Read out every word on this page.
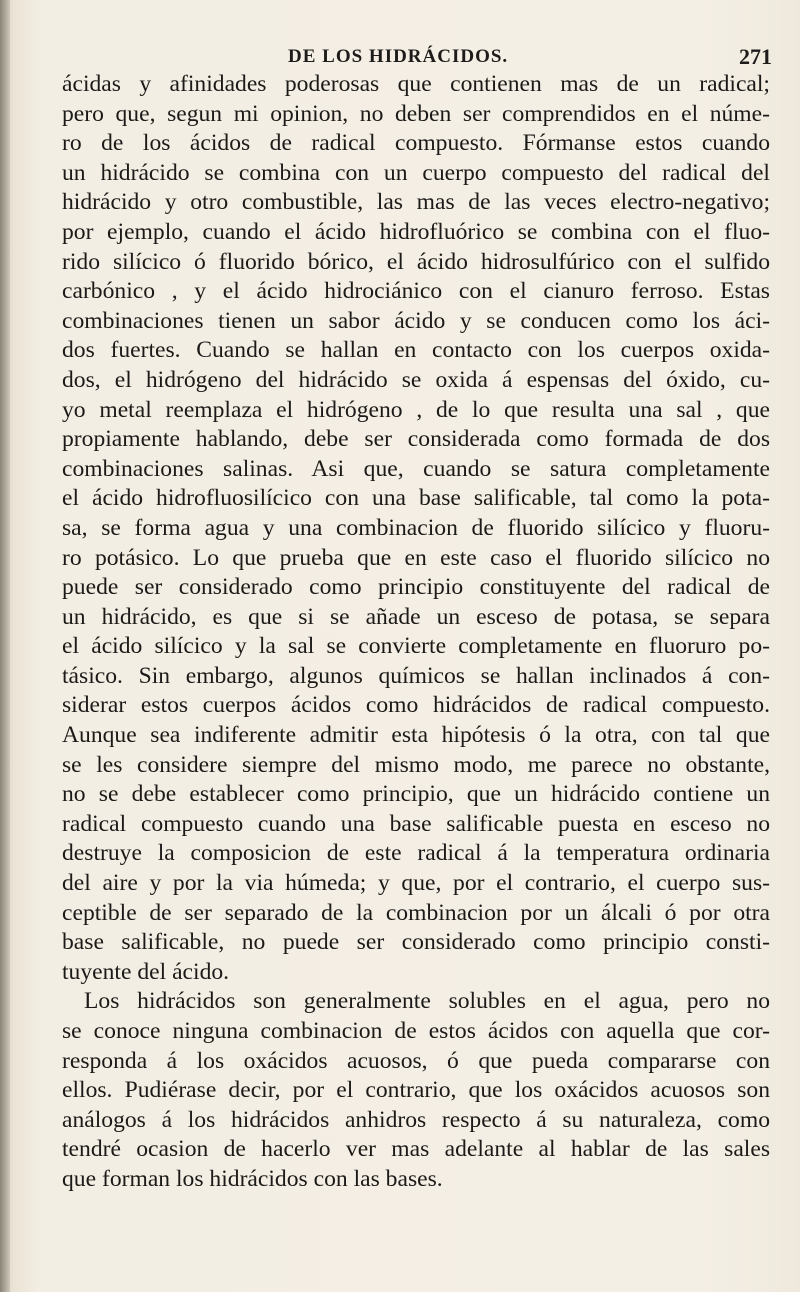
DE LOS HIDRÁCIDOS.	271
ácidas y afinidades poderosas que contienen mas de un radical;
pero que, segun mi opinion, no deben ser comprendidos en el núme-
ro de los ácidos de radical compuesto. Fórmanse estos cuando
un hidrácido se combina con un cuerpo compuesto del radical del
hidrácido y otro combustible, las mas de las veces electro-negativo;
por ejemplo, cuando el ácido hidrofluórico se combina con el fluo-
rido silícico ó fluorido bórico, el ácido hidrosulfúrico con el sulfido
carbónico , y el ácido hidrociánico con el cianuro ferroso. Estas
combinaciones tienen un sabor ácido y se conducen como los áci-
dos fuertes. Cuando se hallan en contacto con los cuerpos oxida-
dos, el hidrógeno del hidrácido se oxida á espensas del óxido, cu-
yo metal reemplaza el hidrógeno , de lo que resulta una sal , que
propiamente hablando, debe ser considerada como formada de dos
combinaciones salinas. Asi que, cuando se satura completamente
el ácido hidrofluosilícico con una base salificable, tal como la pota-
sa, se forma agua y una combinacion de fluorido silícico y fluoru-
ro potásico. Lo que prueba que en este caso el fluorido silícico no
puede ser considerado como principio constituyente del radical de
un hidrácido, es que si se añade un esceso de potasa, se separa
el ácido silícico y la sal se convierte completamente en fluoruro po-
tásico. Sin embargo, algunos químicos se hallan inclinados á con-
siderar estos cuerpos ácidos como hidrácidos de radical compuesto.
Aunque sea indiferente admitir esta hipótesis ó la otra, con tal que
se les considere siempre del mismo modo, me parece no obstante,
no se debe establecer como principio, que un hidrácido contiene un
radical compuesto cuando una base salificable puesta en esceso no
destruye la composicion de este radical á la temperatura ordinaria
del aire y por la via húmeda; y que, por el contrario, el cuerpo sus-
ceptible de ser separado de la combinacion por un álcali ó por otra
base salificable, no puede ser considerado como principio consti-
tuyente del ácido.
Los hidrácidos son generalmente solubles en el agua, pero no
se conoce ninguna combinacion de estos ácidos con aquella que cor-
responda á los oxácidos acuosos, ó que pueda compararse con
ellos. Pudiérase decir, por el contrario, que los oxácidos acuosos son
análogos á los hidrácidos anhidros respecto á su naturaleza, como
tendré ocasion de hacerlo ver mas adelante al hablar de las sales
que forman los hidrácidos con las bases.
